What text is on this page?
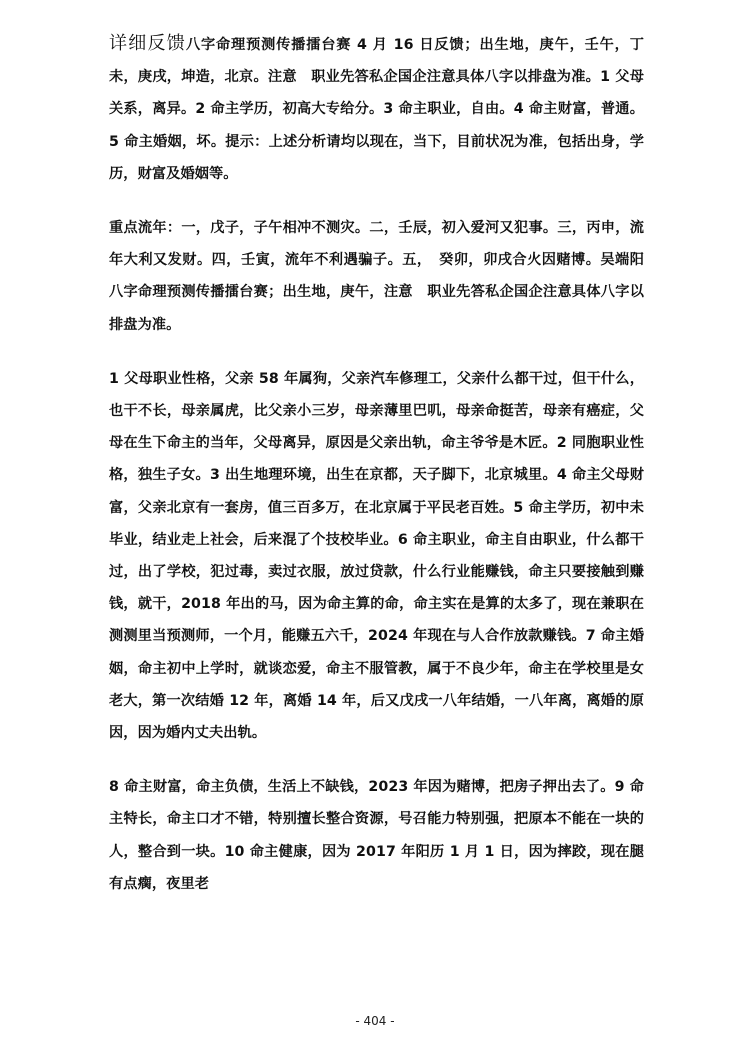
详细反馈八字命理预测传播擂台赛 4 月 16 日反馈；出生地，庚午，壬午，丁未，庚戌，坤造，北京。注意　职业先答私企国企注意具体八字以排盘为准。1 父母关系，离异。2 命主学历，初高大专给分。3 命主职业，自由。4 命主财富，普通。5 命主婚姻，坏。提示：上述分析请均以现在，当下，目前状况为准，包括出身，学历，财富及婚姻等。

重点流年：一，戊子，子午相冲不测灾。二，壬辰，初入爱河又犯事。三，丙申，流年大利又发财。四，壬寅，流年不利遇骗子。五，　癸卯，卯戌合火因赌博。吴端阳八字命理预测传播擂台赛；出生地，庚午，注意　职业先答私企国企注意具体八字以排盘为准。

1 父母职业性格，父亲 58 年属狗，父亲汽车修理工，父亲什么都干过，但干什么，也干不长，母亲属虎，比父亲小三岁，母亲薄里巴叽，母亲命挺苦，母亲有癌症，父母在生下命主的当年，父母离异，原因是父亲出轨，命主爷爷是木匠。2 同胞职业性格，独生子女。3 出生地理环境，出生在京都，天子脚下，北京城里。4 命主父母财富，父亲北京有一套房，值三百多万，在北京属于平民老百姓。5 命主学历，初中未毕业，结业走上社会，后来混了个技校毕业。6 命主职业，命主自由职业，什么都干过，出了学校，犯过毒，卖过衣服，放过贷款，什么行业能赚钱，命主只要接触到赚钱，就干，2018 年出的马，因为命主算的命，命主实在是算的太多了，现在兼职在测测里当预测师，一个月，能赚五六千，2024 年现在与人合作放款赚钱。7 命主婚姻，命主初中上学时，就谈恋爱，命主不服管教，属于不良少年，命主在学校里是女老大，第一次结婚 12 年，离婚 14 年，后又戊戌一八年结婚，一八年离，离婚的原因，因为婚内丈夫出轨。

8 命主财富，命主负债，生活上不缺钱，2023 年因为赌博，把房子押出去了。9 命主特长，命主口才不错，特别擅长整合资源，号召能力特别强，把原本不能在一块的人，整合到一块。10 命主健康，因为 2017 年阳历 1 月 1 日，因为摔跤，现在腿有点瘸，夜里老

- 404 -
